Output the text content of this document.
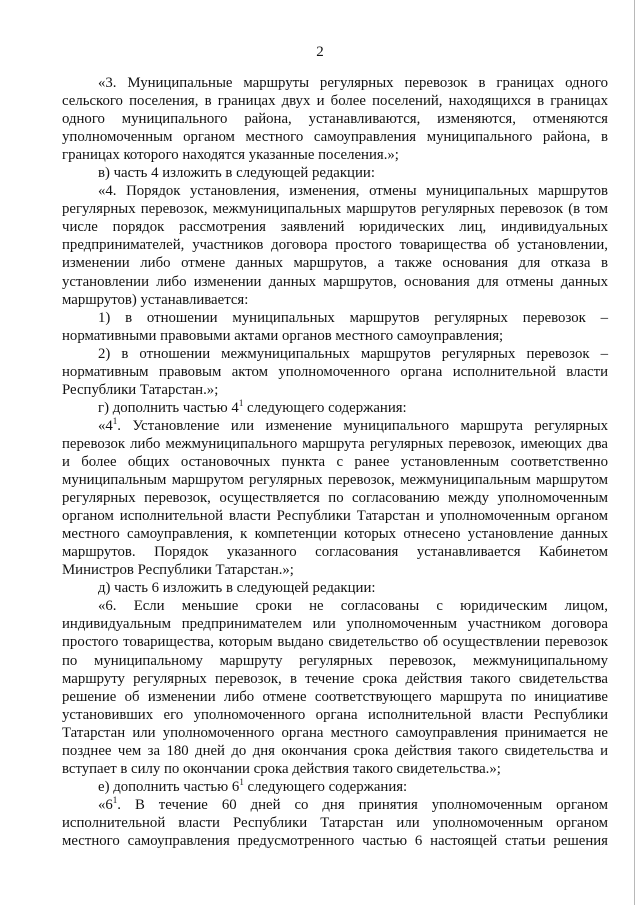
2

«3. Муниципальные маршруты регулярных перевозок в границах одного сельского поселения, в границах двух и более поселений, находящихся в границах одного муниципального района, устанавливаются, изменяются, отменяются уполномоченным органом местного самоуправления муниципального района, в границах которого находятся указанные поселения.»;

в) часть 4 изложить в следующей редакции:

«4. Порядок установления, изменения, отмены муниципальных маршрутов регулярных перевозок, межмуниципальных маршрутов регулярных перевозок (в том числе порядок рассмотрения заявлений юридических лиц, индивидуальных предпринимателей, участников договора простого товарищества об установлении, изменении либо отмене данных маршрутов, а также основания для отказа в установлении либо изменении данных маршрутов, основания для отмены данных маршрутов) устанавливается:

1) в отношении муниципальных маршрутов регулярных перевозок – нормативными правовыми актами органов местного самоуправления;

2) в отношении межмуниципальных маршрутов регулярных перевозок – нормативным правовым актом уполномоченного органа исполнительной власти Республики Татарстан.»;

г) дополнить частью $4^1$ следующего содержания:

«$4^1$. Установление или изменение муниципального маршрута регулярных перевозок либо межмуниципального маршрута регулярных перевозок, имеющих два и более общих остановочных пункта с ранее установленным соответственно муниципальным маршрутом регулярных перевозок, межмуниципальным маршрутом регулярных перевозок, осуществляется по согласованию между уполномоченным органом исполнительной власти Республики Татарстан и уполномоченным органом местного самоуправления, к компетенции которых отнесено установление данных маршрутов. Порядок указанного согласования устанавливается Кабинетом Министров Республики Татарстан.»;

д) часть 6 изложить в следующей редакции:

«6. Если меньшие сроки не согласованы с юридическим лицом, индивидуальным предпринимателем или уполномоченным участником договора простого товарищества, которым выдано свидетельство об осуществлении перевозок по муниципальному маршруту регулярных перевозок, межмуниципальному маршруту регулярных перевозок, в течение срока действия такого свидетельства решение об изменении либо отмене соответствующего маршрута по инициативе установивших его уполномоченного органа исполнительной власти Республики Татарстан или уполномоченного органа местного самоуправления принимается не позднее чем за 180 дней до дня окончания срока действия такого свидетельства и вступает в силу по окончании срока действия такого свидетельства.»;

е) дополнить частью $6^1$ следующего содержания:

«$6^1$. В течение 60 дней со дня принятия уполномоченным органом исполнительной власти Республики Татарстан или уполномоченным органом местного самоуправления предусмотренного частью 6 настоящей статьи решения
